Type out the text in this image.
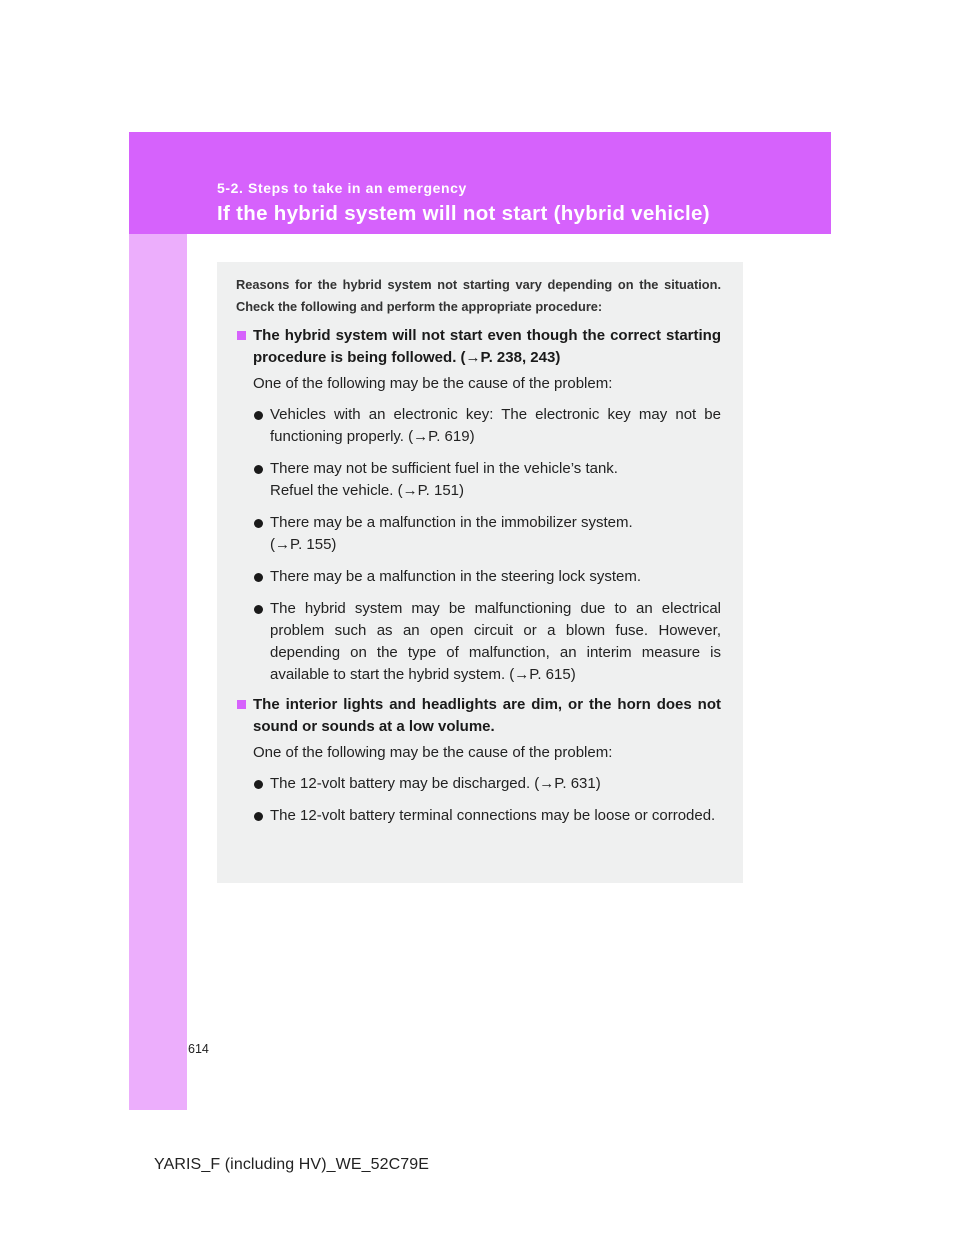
5-2. Steps to take in an emergency
If the hybrid system will not start (hybrid vehicle)
614

Reasons for the hybrid system not starting vary depending on the situation. Check the following and perform the appropriate procedure:

The hybrid system will not start even though the correct starting procedure is being followed. (→P. 238, 243)

One of the following may be the cause of the problem:

Vehicles with an electronic key: The electronic key may not be functioning properly. (→P. 619)
There may not be sufficient fuel in the vehicle’s tank.
Refuel the vehicle. (→P. 151)
There may be a malfunction in the immobilizer system.
(→P. 155)
There may be a malfunction in the steering lock system.
The hybrid system may be malfunctioning due to an electrical problem such as an open circuit or a blown fuse. However, depending on the type of malfunction, an interim measure is available to start the hybrid system. (→P. 615)

The interior lights and headlights are dim, or the horn does not sound or sounds at a low volume.

One of the following may be the cause of the problem:

The 12-volt battery may be discharged. (→P. 631)
The 12-volt battery terminal connections may be loose or corroded.
YARIS_F (including HV)_WE_52C79E
